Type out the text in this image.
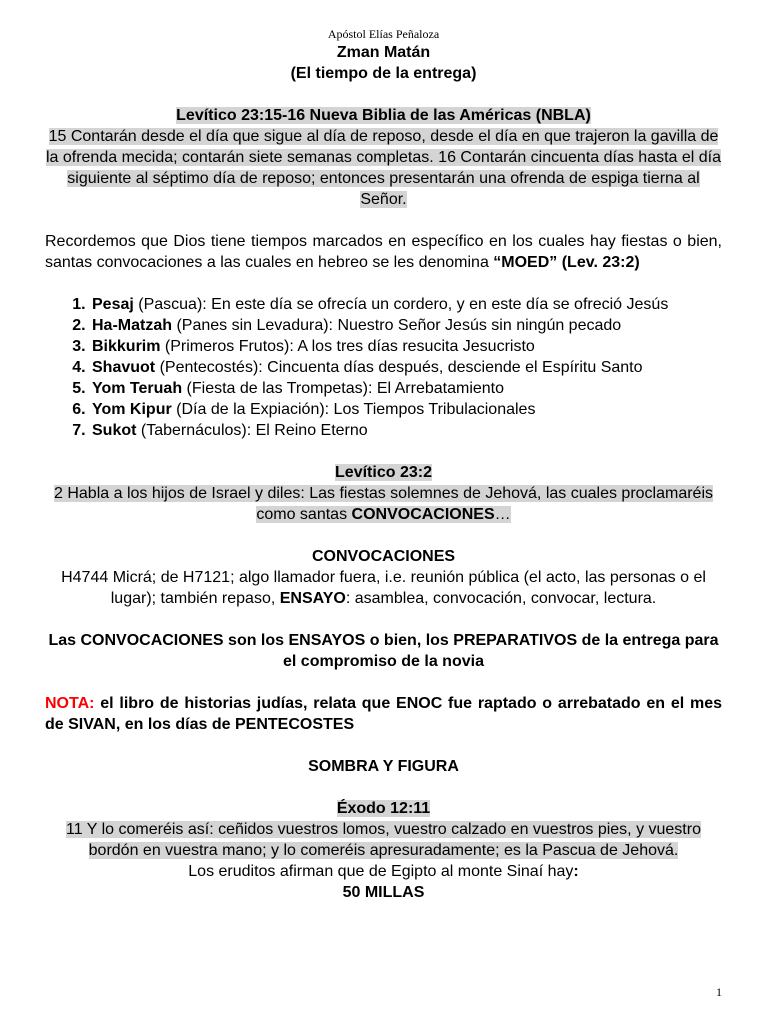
Apóstol Elías Peñaloza
Zman Matán
(El tiempo de la entrega)
Levítico 23:15-16 Nueva Biblia de las Américas (NBLA)
15 Contarán desde el día que sigue al día de reposo, desde el día en que trajeron la gavilla de la ofrenda mecida; contarán siete semanas completas. 16 Contarán cincuenta días hasta el día siguiente al séptimo día de reposo; entonces presentarán una ofrenda de espiga tierna al Señor.
Recordemos que Dios tiene tiempos marcados en específico en los cuales hay fiestas o bien, santas convocaciones a las cuales en hebreo se les denomina “MOED” (Lev. 23:2)
1. Pesaj (Pascua): En este día se ofrecía un cordero, y en este día se ofreció Jesús
2. Ha-Matzah (Panes sin Levadura): Nuestro Señor Jesús sin ningún pecado
3. Bikkurim (Primeros Frutos): A los tres días resucita Jesucristo
4. Shavuot (Pentecostés): Cincuenta días después, desciende el Espíritu Santo
5. Yom Teruah (Fiesta de las Trompetas): El Arrebatamiento
6. Yom Kipur (Día de la Expiación): Los Tiempos Tribulacionales
7. Sukot (Tabernáculos): El Reino Eterno
Levítico 23:2
2 Habla a los hijos de Israel y diles: Las fiestas solemnes de Jehová, las cuales proclamaréis como santas CONVOCACIONES…
CONVOCACIONES
H4744 Micrá; de H7121; algo llamador fuera, i.e. reunión pública (el acto, las personas o el lugar); también repaso, ENSAYO: asamblea, convocación, convocar, lectura.
Las CONVOCACIONES son los ENSAYOS o bien, los PREPARATIVOS de la entrega para el compromiso de la novia
NOTA: el libro de historias judías, relata que ENOC fue raptado o arrebatado en el mes de SIVAN, en los días de PENTECOSTES
SOMBRA Y FIGURA
Éxodo 12:11
11 Y lo comeréis así: ceñidos vuestros lomos, vuestro calzado en vuestros pies, y vuestro bordón en vuestra mano; y lo comeréis apresuradamente; es la Pascua de Jehová.
Los eruditos afirman que de Egipto al monte Sinaí hay:
50 MILLAS
1
